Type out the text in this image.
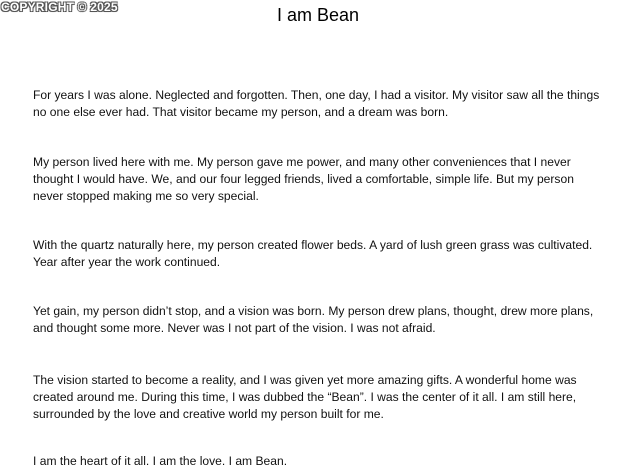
COPYRIGHT © 2025	I am Bean

For years I was alone. Neglected and forgotten. Then, one day, I had a visitor. My visitor saw all the things
no one else ever had. That visitor became my person, and a dream was born.

My person lived here with me. My person gave me power, and many other conveniences that I never
thought I would have. We, and our four legged friends, lived a comfortable, simple life. But my person
never stopped making me so very special.

With the quartz naturally here, my person created flower beds. A yard of lush green grass was cultivated.
Year after year the work continued.

Yet gain, my person didn’t stop, and a vision was born. My person drew plans, thought, drew more plans,
and thought some more. Never was I not part of the vision. I was not afraid.

The vision started to become a reality, and I was given yet more amazing gifts. A wonderful home was
created around me. During this time, I was dubbed the “Bean”. I was the center of it all. I am still here,
surrounded by the love and creative world my person built for me.

I am the heart of it all. I am the love. I am Bean.
